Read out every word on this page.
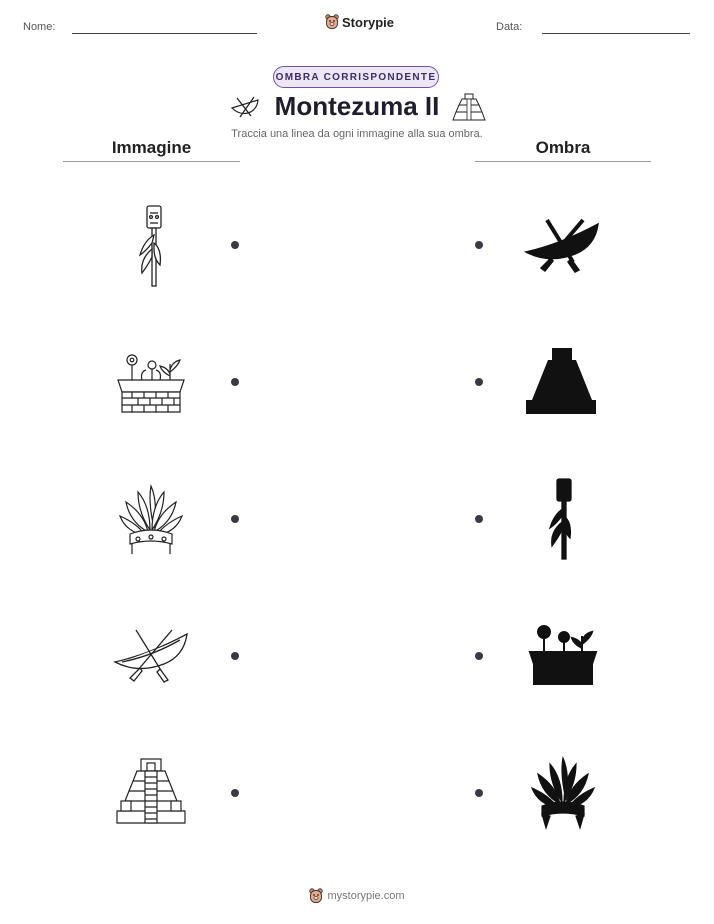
Nome:	Storypie	Data:
OMBRA CORRISPONDENTE
Montezuma II
Traccia una linea da ogni immagine alla sua ombra.
Immagine	Ombra
mystorypie.com
